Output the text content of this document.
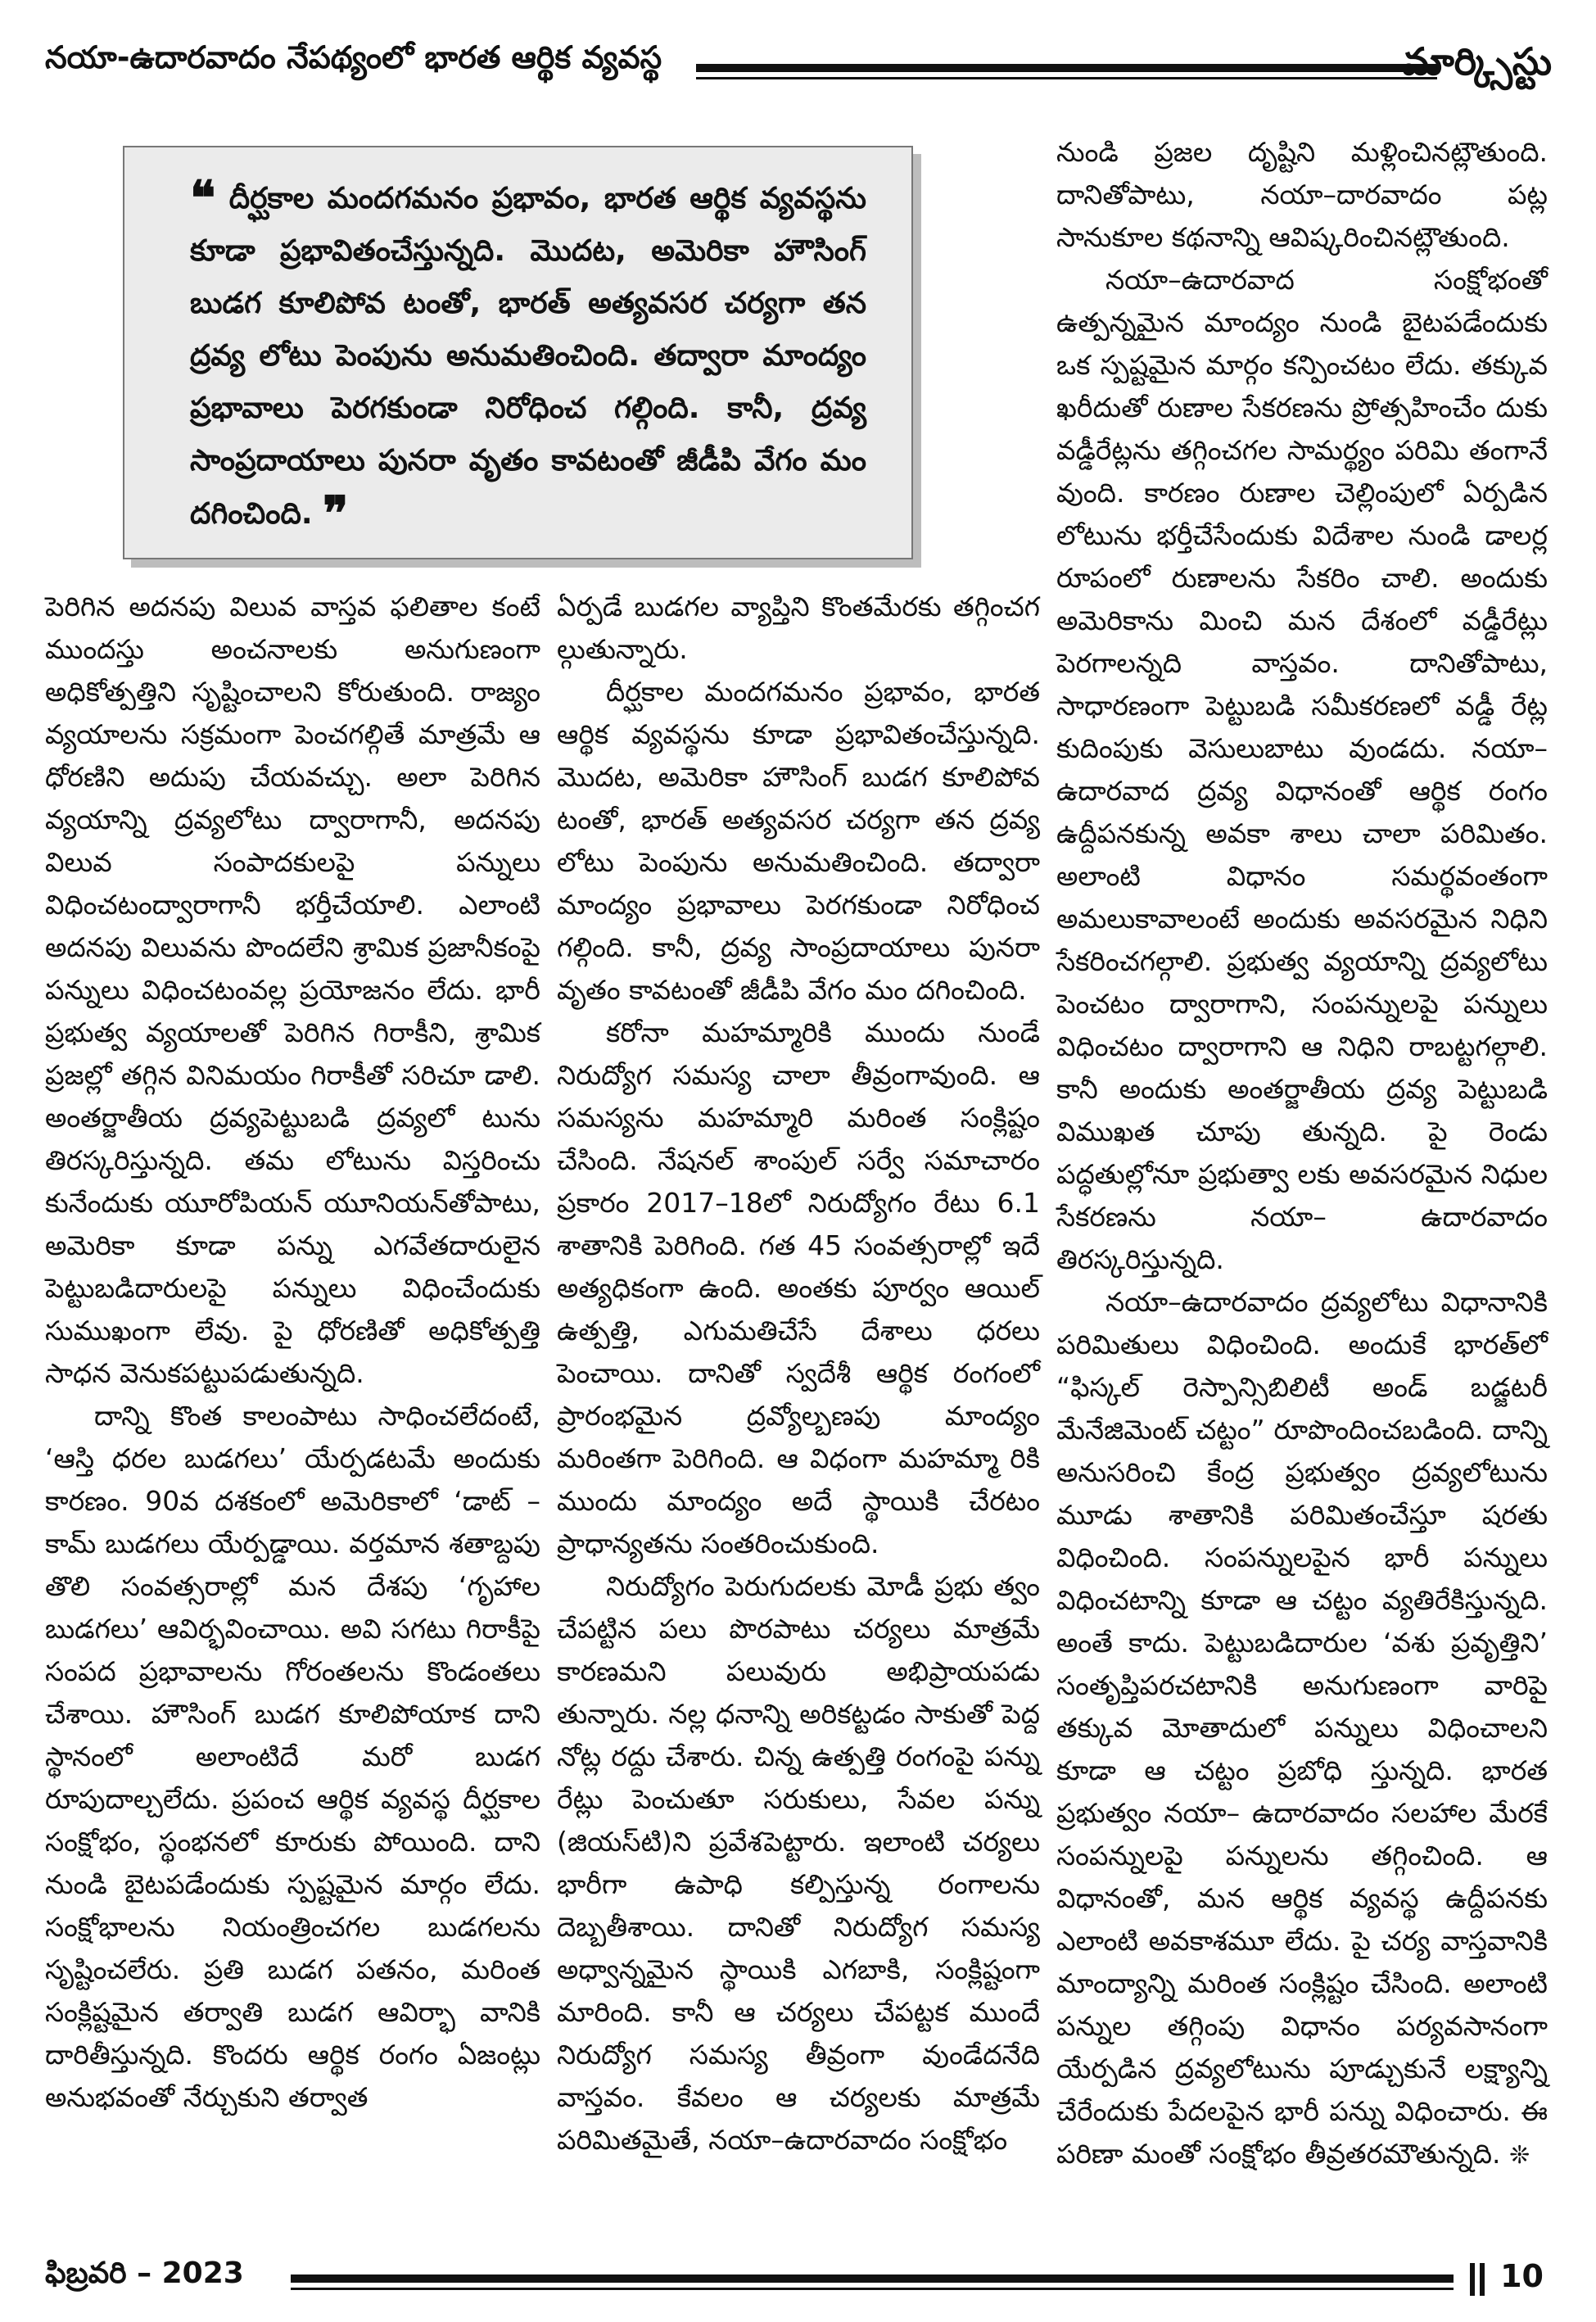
నయా-ఉదారవాదం నేపథ్యంలో భారత ఆర్థిక వ్యవస్థ	మార్క్సిస్టు
❝ దీర్ఘకాల మందగమనం ప్రభావం, భారత ఆర్థిక వ్యవస్థను కూడా ప్రభావితంచేస్తున్నది. మొదట, అమెరికా హౌసింగ్ బుడగ కూలిపోవ టంతో, భారత్ అత్యవసర చర్యగా తన ద్రవ్య లోటు పెంపును అనుమతించింది. తద్వారా మాంద్యం ప్రభావాలు పెరగకుండా నిరోధించ గల్గింది. కానీ, ద్రవ్య సాంప్రదాయాలు పునరా వృతం కావటంతో జీడీపి వేగం మం దగించింది. ❞

పెరిగిన అదనపు విలువ వాస్తవ ఫలితాల కంటే ముందస్తు అంచనాలకు అనుగుణంగా అధికోత్పత్తిని సృష్టించాలని కోరుతుంది. రాజ్యం వ్యయాలను సక్రమంగా పెంచగల్గితే మాత్రమే ఆ ధోరణిని అదుపు చేయవచ్చు. అలా పెరిగిన వ్యయాన్ని ద్రవ్యలోటు ద్వారాగానీ, అదనపు విలువ సంపాదకులపై పన్నులు విధించటంద్వారాగానీ భర్తీచేయాలి. ఎలాంటి అదనపు విలువను పొందలేని శ్రామిక ప్రజానీకంపై పన్నులు విధించటంవల్ల ప్రయోజనం లేదు. భారీ ప్రభుత్వ వ్యయాలతో పెరిగిన గిరాకీని, శ్రామిక ప్రజల్లో తగ్గిన వినిమయం గిరాకీతో సరిచూ డాలి. అంతర్జాతీయ ద్రవ్యపెట్టుబడి ద్రవ్యలో టును తిరస్కరిస్తున్నది. తమ లోటును విస్తరించు కునేందుకు యూరోపియన్ యూనియన్‌తోపాటు, అమెరికా కూడా పన్ను ఎగవేతదారులైన పెట్టుబడిదారులపై పన్నులు విధించేందుకు సుముఖంగా లేవు. పై ధోరణితో అధికోత్పత్తి సాధన వెనుకపట్టుపడుతున్నది.

దాన్ని కొంత కాలంపాటు సాధించలేదంటే, ‘ఆస్తి ధరల బుడగలు’ యేర్పడటమే అందుకు కారణం. 90వ దశకంలో అమెరికాలో ‘డాట్ –కామ్ బుడగలు యేర్పడ్డాయి. వర్తమాన శతాబ్దపు తొలి సంవత్సరాల్లో మన దేశపు ‘గృహాల బుడగలు’ ఆవిర్భవించాయి. అవి సగటు గిరాకీపై సంపద ప్రభావాలను గోరంతలను కొండంతలు చేశాయి. హౌసింగ్ బుడగ కూలిపోయాక దాని స్థానంలో అలాంటిదే మరో బుడగ రూపుదాల్చలేదు. ప్రపంచ ఆర్థిక వ్యవస్థ దీర్ఘకాల సంక్షోభం, స్థంభనలో కూరుకు పోయింది. దాని నుండి బైటపడేందుకు స్పష్టమైన మార్గం లేదు. సంక్షోభాలను నియంత్రించగల బుడగలను సృష్టించలేరు. ప్రతి బుడగ పతనం, మరింత సంక్లిష్టమైన తర్వాతి బుడగ ఆవిర్భా వానికి దారితీస్తున్నది. కొందరు ఆర్థిక రంగం ఏజంట్లు అనుభవంతో నేర్చుకుని తర్వాత

ఏర్పడే బుడగల వ్యాప్తిని కొంతమేరకు తగ్గించగ ల్గుతున్నారు.

దీర్ఘకాల మందగమనం ప్రభావం, భారత ఆర్థిక వ్యవస్థను కూడా ప్రభావితంచేస్తున్నది. మొదట, అమెరికా హౌసింగ్ బుడగ కూలిపోవ టంతో, భారత్ అత్యవసర చర్యగా తన ద్రవ్య లోటు పెంపును అనుమతించింది. తద్వారా మాంద్యం ప్రభావాలు పెరగకుండా నిరోధించ గల్గింది. కానీ, ద్రవ్య సాంప్రదాయాలు పునరా వృతం కావటంతో జీడీపి వేగం మం దగించింది.

కరోనా మహమ్మారికి ముందు నుండే నిరుద్యోగ సమస్య చాలా తీవ్రంగావుంది. ఆ సమస్యను మహమ్మారి మరింత సంక్లిష్టం చేసింది. నేషనల్ శాంపుల్ సర్వే సమాచారం ప్రకారం 2017–18లో నిరుద్యోగం రేటు 6.1 శాతానికి పెరిగింది. గత 45 సంవత్సరాల్లో ఇదే అత్యధికంగా ఉంది. అంతకు పూర్వం ఆయిల్ ఉత్పత్తి, ఎగుమతిచేసే దేశాలు ధరలు పెంచాయి. దానితో స్వదేశీ ఆర్థిక రంగంలో ప్రారంభమైన ద్రవ్యోల్బణపు మాంద్యం మరింతగా పెరిగింది. ఆ విధంగా మహమ్మా రికి ముందు మాంద్యం అదే స్థాయికి చేరటం ప్రాధాన్యతను సంతరించుకుంది.

నిరుద్యోగం పెరుగుదలకు మోడీ ప్రభు త్వం చేపట్టిన పలు పొరపాటు చర్యలు మాత్రమే కారణమని పలువురు అభిప్రాయపడు తున్నారు. నల్ల ధనాన్ని అరికట్టడం సాకుతో పెద్ద నోట్ల రద్దు చేశారు. చిన్న ఉత్పత్తి రంగంపై పన్ను రేట్లు పెంచుతూ సరుకులు, సేవల పన్ను (జియస్‌టి)ని ప్రవేశపెట్టారు. ఇలాంటి చర్యలు భారీగా ఉపాధి కల్పిస్తున్న రంగాలను దెబ్బతీశాయి. దానితో నిరుద్యోగ సమస్య అధ్వాన్నమైన స్థాయికి ఎగబాకి, సంక్లిష్టంగా మారింది. కానీ ఆ చర్యలు చేపట్టక ముందే నిరుద్యోగ సమస్య తీవ్రంగా వుండేదనేది వాస్తవం. కేవలం ఆ చర్యలకు మాత్రమే పరిమితమైతే, నయా–ఉదారవాదం సంక్షోభం

నుండి ప్రజల దృష్టిని మళ్లించినట్లౌతుంది. దానితోపాటు, నయా–దారవాదం పట్ల సానుకూల కథనాన్ని ఆవిష్కరించినట్లౌతుంది.

నయా–ఉదారవాద సంక్షోభంతో ఉత్పన్నమైన మాంద్యం నుండి బైటపడేందుకు ఒక స్పష్టమైన మార్గం కన్పించటం లేదు. తక్కువ ఖరీదుతో రుణాల సేకరణను ప్రోత్సహించేం దుకు వడ్డీరేట్లను తగ్గించగల సామర్థ్యం పరిమి తంగానే వుంది. కారణం రుణాల చెల్లింపులో ఏర్పడిన లోటును భర్తీచేసేందుకు విదేశాల నుండి డాలర్ల రూపంలో రుణాలను సేకరిం చాలి. అందుకు అమెరికాను మించి మన దేశంలో వడ్డీరేట్లు పెరగాలన్నది వాస్తవం. దానితోపాటు, సాధారణంగా పెట్టుబడి సమీకరణలో వడ్డీ రేట్ల కుదింపుకు వెసులుబాటు వుండదు. నయా–ఉదారవాద ద్రవ్య విధానంతో ఆర్థిక రంగం ఉద్దీపనకున్న అవకా శాలు చాలా పరిమితం. అలాంటి విధానం సమర్థవంతంగా అమలుకావాలంటే అందుకు అవసరమైన నిధిని సేకరించగల్గాలి. ప్రభుత్వ వ్యయాన్ని ద్రవ్యలోటు పెంచటం ద్వారాగాని, సంపన్నులపై పన్నులు విధించటం ద్వారాగాని ఆ నిధిని రాబట్టగల్గాలి. కానీ అందుకు అంతర్జాతీయ ద్రవ్య పెట్టుబడి విముఖత చూపు తున్నది. పై రెండు పద్ధతుల్లోనూ ప్రభుత్వా లకు అవసరమైన నిధుల సేకరణను నయా– ఉదారవాదం తిరస్కరిస్తున్నది.

నయా–ఉదారవాదం ద్రవ్యలోటు విధానానికి పరిమితులు విధించింది. అందుకే భారత్‌లో “ఫిస్కల్ రెస్పాన్సిబిలిటీ అండ్ బడ్జటరీ మేనేజిమెంట్ చట్టం” రూపొందించబడింది. దాన్ని అనుసరించి కేంద్ర ప్రభుత్వం ద్రవ్యలోటును మూడు శాతానికి పరిమితంచేస్తూ షరతు విధించింది. సంపన్నులపైన భారీ పన్నులు విధించటాన్ని కూడా ఆ చట్టం వ్యతిరేకిస్తున్నది. అంతే కాదు. పెట్టుబడిదారుల ‘వశు ప్రవృత్తిని’ సంతృప్తిపరచటానికి అనుగుణంగా వారిపై తక్కువ మోతాదులో పన్నులు విధించాలని కూడా ఆ చట్టం ప్రబోధి స్తున్నది. భారత ప్రభుత్వం నయా– ఉదారవాదం సలహాల మేరకే సంపన్నులపై పన్నులను తగ్గించింది. ఆ విధానంతో, మన ఆర్థిక వ్యవస్థ ఉద్దీపనకు ఎలాంటి అవకాశమూ లేదు. పై చర్య వాస్తవానికి మాంద్యాన్ని మరింత సంక్లిష్టం చేసింది. అలాంటి పన్నుల తగ్గింపు విధానం పర్యవసానంగా యేర్పడిన ద్రవ్యలోటును పూడ్చుకునే లక్ష్యాన్ని చేరేందుకు పేదలపైన భారీ పన్ను విధించారు. ఈ పరిణా మంతో సంక్షోభం తీవ్రతరమౌతున్నది. ❊

ఫిబ్రవరి – 2023	10
